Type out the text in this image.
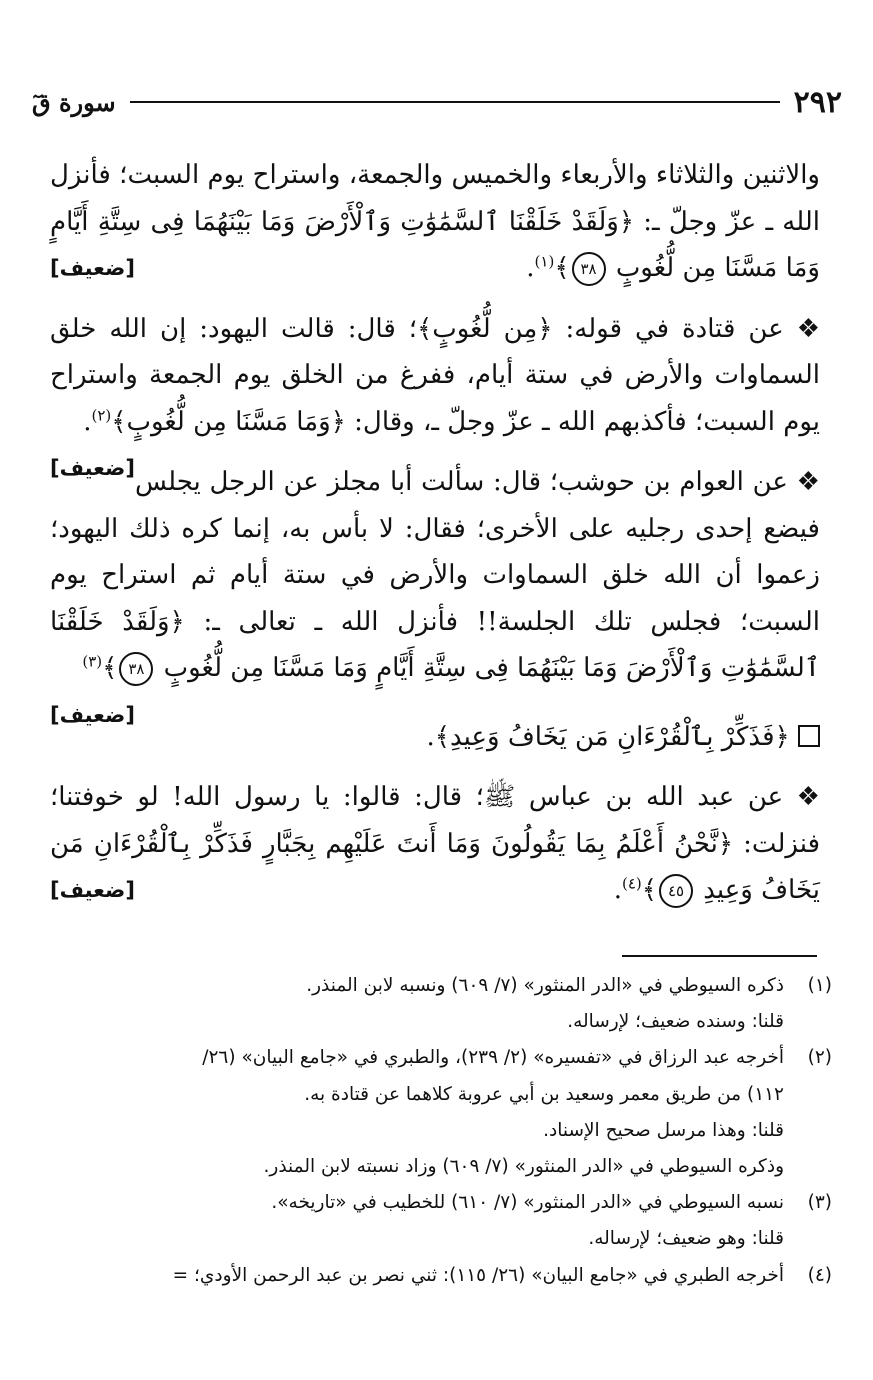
٢٩٢
سورة قٓ

والاثنين والثلاثاء والأربعاء والخميس والجمعة، واستراح يوم السبت؛ فأنزل الله ـ عزّ وجلّ ـ: ﴿وَلَقَدْ خَلَقْنَا ٱلسَّمَٰوَٰتِ وَٱلْأَرْضَ وَمَا بَيْنَهُمَا فِى سِتَّةِ أَيَّامٍ وَمَا مَسَّنَا مِن لُّغُوبٍ ٣٨﴾$^{(١)}$.
[ضعيف]

❖ عن قتادة في قوله: ﴿مِن لُّغُوبٍ﴾؛ قال: قالت اليهود: إن الله خلق السماوات والأرض في ستة أيام، ففرغ من الخلق يوم الجمعة واستراح يوم السبت؛ فأكذبهم الله ـ عزّ وجلّ ـ، وقال: ﴿وَمَا مَسَّنَا مِن لُّغُوبٍ﴾$^{(٢)}$.
[ضعيف] ❖ عن العوام بن حوشب؛ قال: سألت أبا مجلز عن الرجل يجلس فيضع إحدى رجليه على الأخرى؛ فقال: لا بأس به، إنما كره ذلك اليهود؛ زعموا أن الله خلق السماوات والأرض في ستة أيام ثم استراح يوم السبت؛ فجلس تلك الجلسة!! فأنزل الله ـ تعالى ـ: ﴿وَلَقَدْ خَلَقْنَا ٱلسَّمَٰوَٰتِ وَٱلْأَرْضَ وَمَا بَيْنَهُمَا فِى سِتَّةِ أَيَّامٍ وَمَا مَسَّنَا مِن لُّغُوبٍ ٣٨﴾$^{(٣)}$
[ضعيف]

﴿فَذَكِّرْ بِٱلْقُرْءَانِ مَن يَخَافُ وَعِيدِ﴾.

❖ عن عبد الله بن عباس ﷺ؛ قال: قالوا: يا رسول الله! لو خوفتنا؛ فنزلت: ﴿نَّحْنُ أَعْلَمُ بِمَا يَقُولُونَ وَمَا أَنتَ عَلَيْهِم بِجَبَّارٍ فَذَكِّرْ بِٱلْقُرْءَانِ مَن يَخَافُ وَعِيدِ ٤٥﴾$^{(٤)}$.
[ضعيف]

(١)
ذكره السيوطي في «الدر المنثور» (٧/ ٦٠٩) ونسبه لابن المنذر.
قلنا: وسنده ضعيف؛ لإرساله.
(٢)
أخرجه عبد الرزاق في «تفسيره» (٢/ ٢٣٩)، والطبري في «جامع البيان» (٢٦/
١١٢) من طريق معمر وسعيد بن أبي عروبة كلاهما عن قتادة به.
قلنا: وهذا مرسل صحيح الإسناد.
وذكره السيوطي في «الدر المنثور» (٧/ ٦٠٩) وزاد نسبته لابن المنذر.
(٣)
نسبه السيوطي في «الدر المنثور» (٧/ ٦١٠) للخطيب في «تاريخه».
قلنا: وهو ضعيف؛ لإرساله.
(٤)
أخرجه الطبري في «جامع البيان» (٢٦/ ١١٥): ثني نصر بن عبد الرحمن الأودي؛ =
